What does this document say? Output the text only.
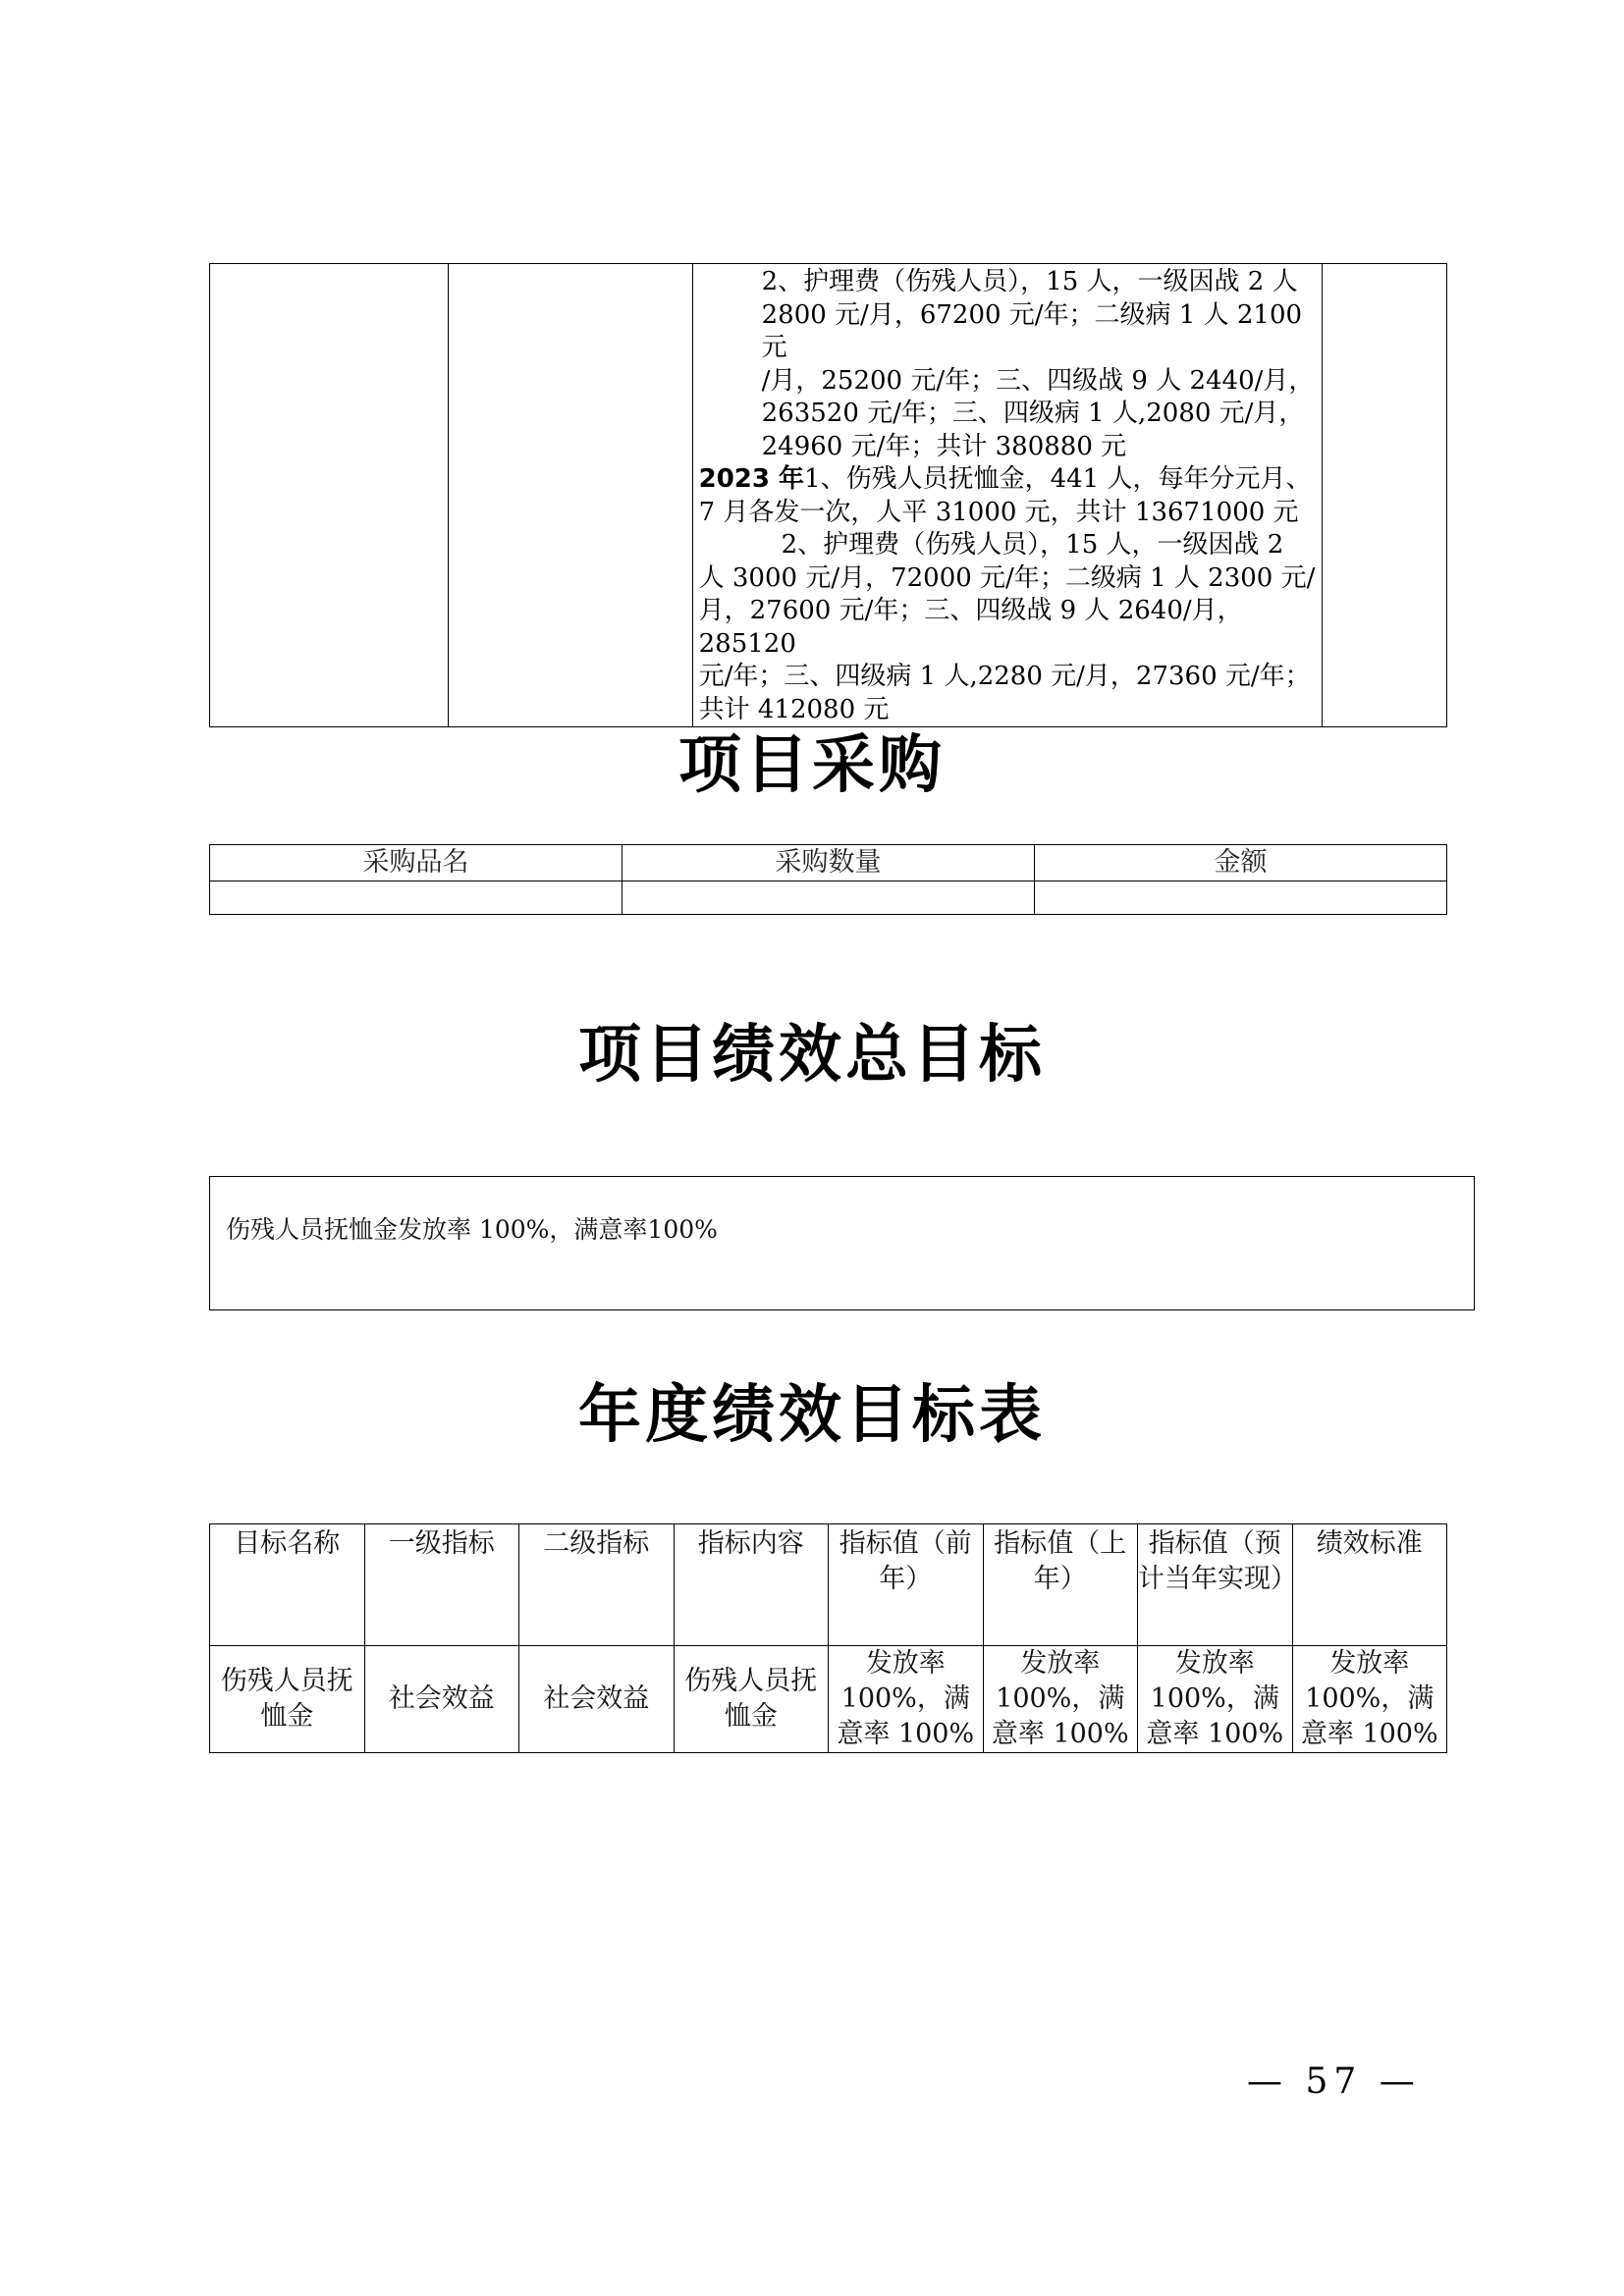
2、护理费（伤残人员），15 人，一级因战 2 人
2800 元/月，67200 元/年；二级病 1 人 2100 元
/月，25200 元/年；三、四级战 9 人 2440/月，
263520 元/年；三、四级病 1 人,2080 元/月，
24960 元/年；共计 380880 元
2023 年1、伤残人员抚恤金，441 人，每年分元月、
7 月各发一次，人平 31000 元，共计 13671000 元
2、护理费（伤残人员），15 人，一级因战 2
人 3000 元/月，72000 元/年；二级病 1 人 2300 元/
月，27600 元/年；三、四级战 9 人 2640/月，285120
元/年；三、四级病 1 人,2280 元/月，27360 元/年；
共计 412080 元

项目采购
采购品名	采购数量	金额

项目绩效总目标
伤残人员抚恤金发放率 100%，满意率100%
年度绩效目标表
目标名称	一级指标	二级指标	指标内容	指标值（前年）	指标值（上年）	指标值（预计当年实现）	绩效标准
伤残人员抚恤金	社会效益	社会效益	伤残人员抚恤金	发放率 100%，满意率 100%	发放率 100%，满意率 100%	发放率 100%，满意率 100%	发放率 100%，满意率 100%
— 57 —
